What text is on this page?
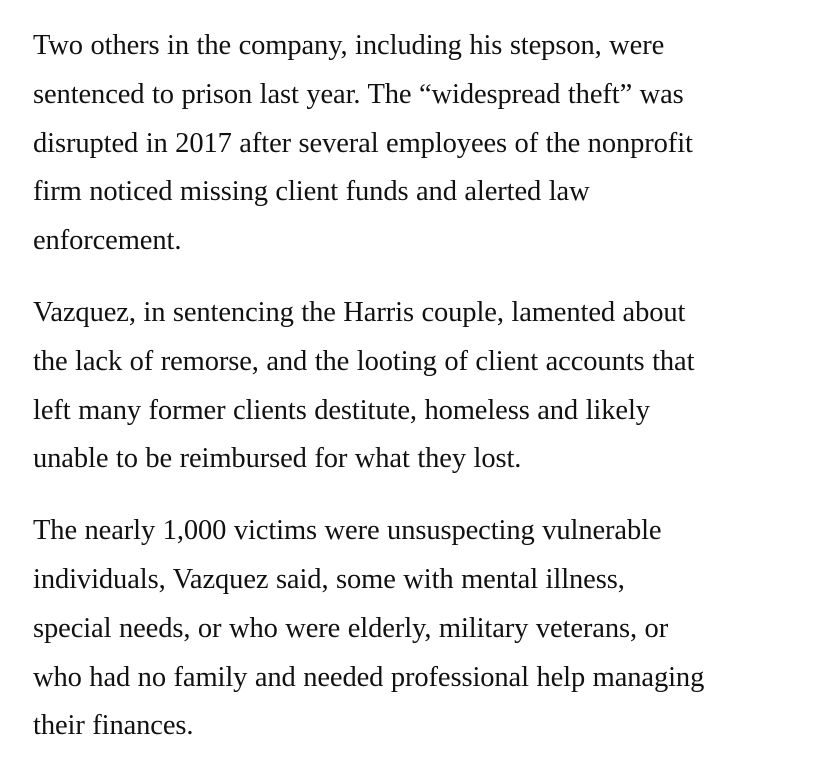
Two others in the company, including his stepson, were
sentenced to prison last year. The “widespread theft” was
disrupted in 2017 after several employees of the nonprofit
firm noticed missing client funds and alerted law
enforcement.

Vazquez, in sentencing the Harris couple, lamented about
the lack of remorse, and the looting of client accounts that
left many former clients destitute, homeless and likely
unable to be reimbursed for what they lost.

The nearly 1,000 victims were unsuspecting vulnerable
individuals, Vazquez said, some with mental illness,
special needs, or who were elderly, military veterans, or
who had no family and needed professional help managing
their finances.
